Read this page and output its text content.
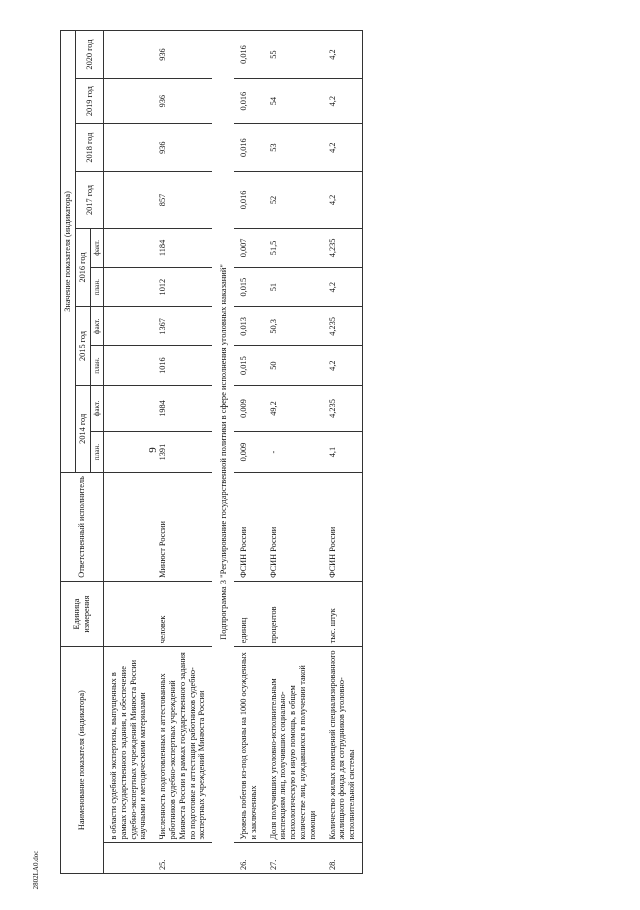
9
2802LA0.doc
Наименование показателя (индикатора)		Единица измерения	Ответственный исполнитель	Значение показателя (индикатора)									
				2014 год		2015 год		2016 год		2017 год	2018 год	2019 год	2020 год
				план.	факт.	план.	факт.	план.	факт.				
	в области судебной экспертизы, выпущенных в рамках государственного задания, и обеспечение судебно-экспертных учреждений Минюста России научными и методическими материалами												
25.	Численность подготовленных и аттестованных работников судебно-экспертных учреждений Минюста России в рамках государственного задания по подготовке и аттестации работников судебно-экспертных учреждений Минюста России	человек	Минюст России	1391	1984	1016	1367	1012	1184	857	936	936	936
Подпрограмма 3 "Регулирование государственной политики в сфере исполнения уголовных наказаний"													
26.	Уровень побегов из-под охраны на 1000 осужденных и заключенных	единиц	ФСИН России	0,009	0,009	0,015	0,013	0,015	0,007	0,016	0,016	0,016	0,016
27.	Доля получивших уголовно-исполнительным инспекциям лиц, получивших социально-психологическую и иную помощь, в общем количестве лиц, нуждавшихся в получении такой помощи	процентов	ФСИН России	-	49,2	50	50,3	51	51,5	52	53	54	55
28.	Количество жилых помещений специализированного жилищного фонда для сотрудников уголовно-исполнительной системы	тыс. штук	ФСИН России	4,1	4,235	4,2	4,235	4,2	4,235	4,2	4,2	4,2	4,2
